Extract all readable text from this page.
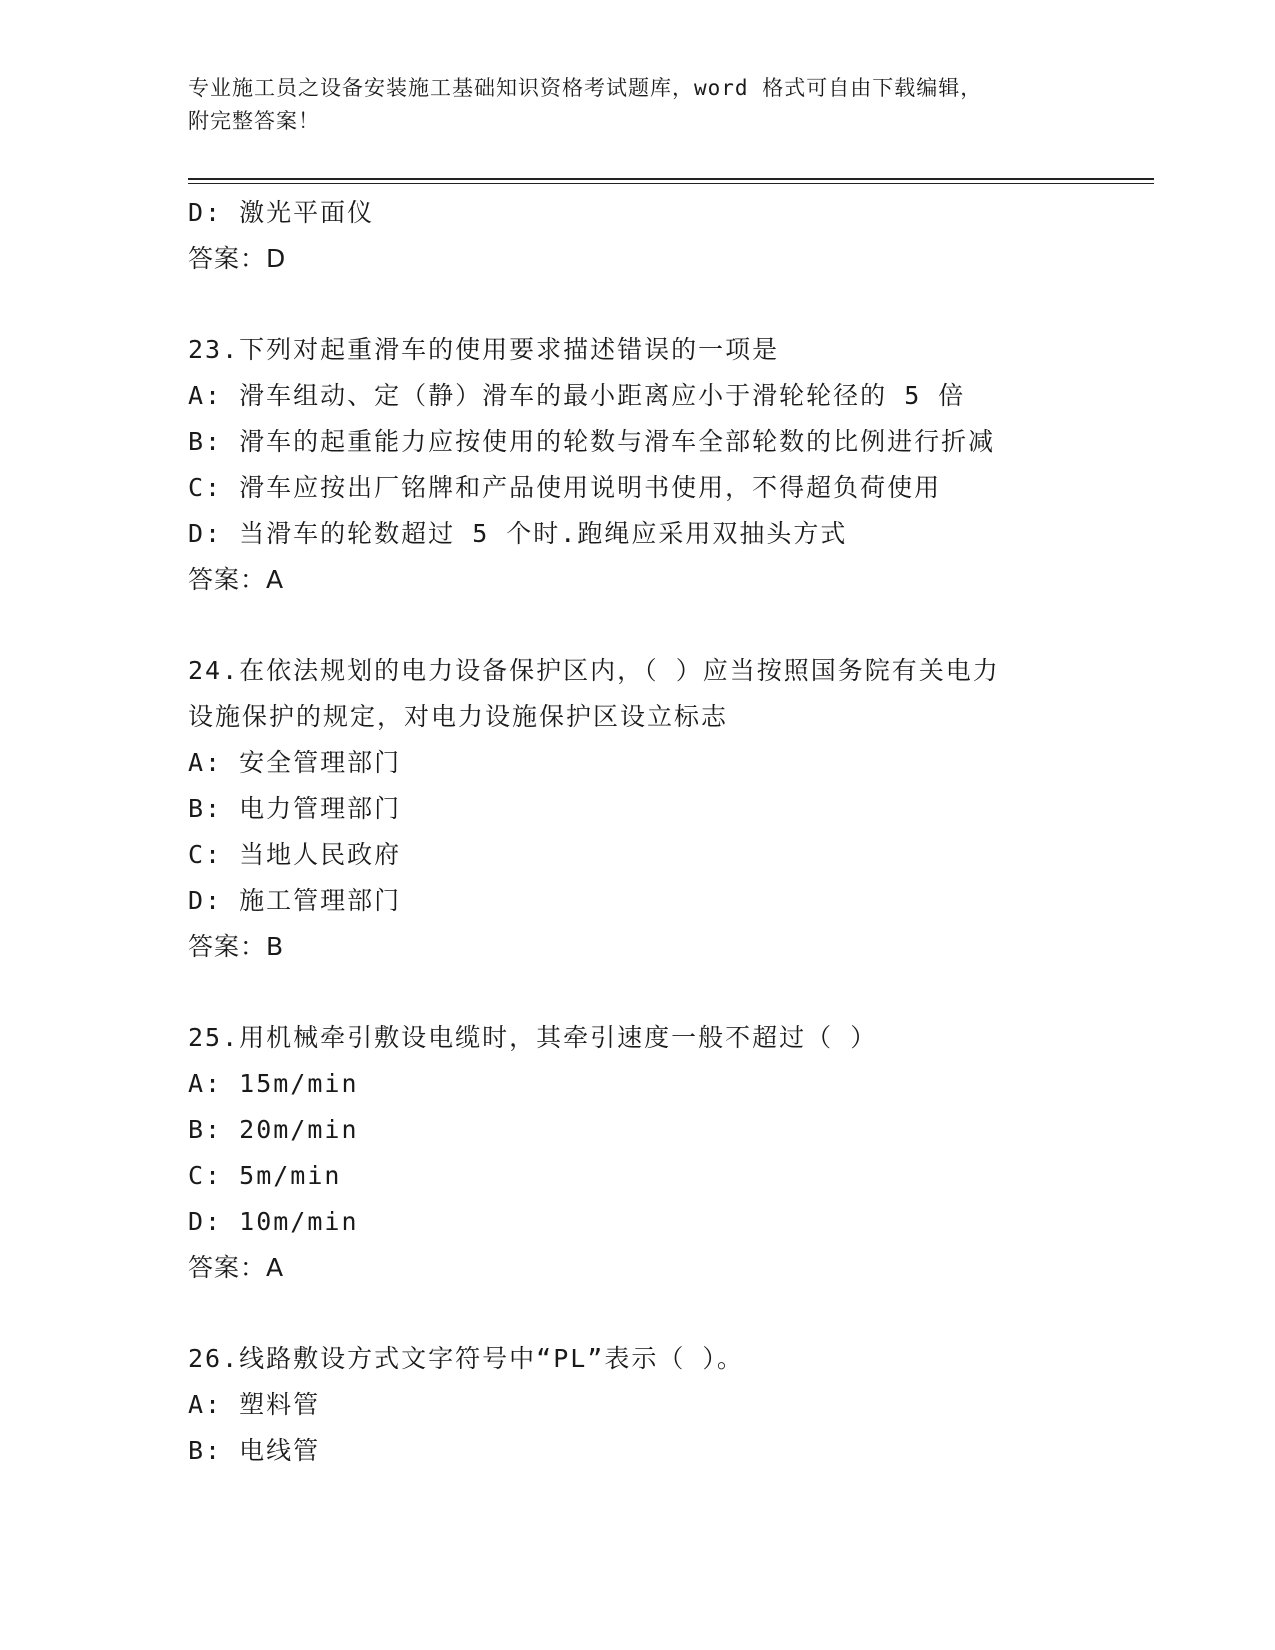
专业施工员之设备安装施工基础知识资格考试题库，word 格式可自由下载编辑，
附完整答案！
D: 激光平面仪
答案：D
23.下列对起重滑车的使用要求描述错误的一项是
A: 滑车组动、定（静）滑车的最小距离应小于滑轮轮径的 5 倍
B: 滑车的起重能力应按使用的轮数与滑车全部轮数的比例进行折减
C: 滑车应按出厂铭牌和产品使用说明书使用，不得超负荷使用
D: 当滑车的轮数超过 5 个时.跑绳应采用双抽头方式
答案：A
24.在依法规划的电力设备保护区内，（ ）应当按照国务院有关电力
设施保护的规定，对电力设施保护区设立标志
A: 安全管理部门
B: 电力管理部门
C: 当地人民政府
D: 施工管理部门
答案：B
25.用机械牵引敷设电缆时，其牵引速度一般不超过（ ）
A: 15m/min
B: 20m/min
C: 5m/min
D: 10m/min
答案：A
26.线路敷设方式文字符号中“PL”表示（ ）。
A: 塑料管
B: 电线管
